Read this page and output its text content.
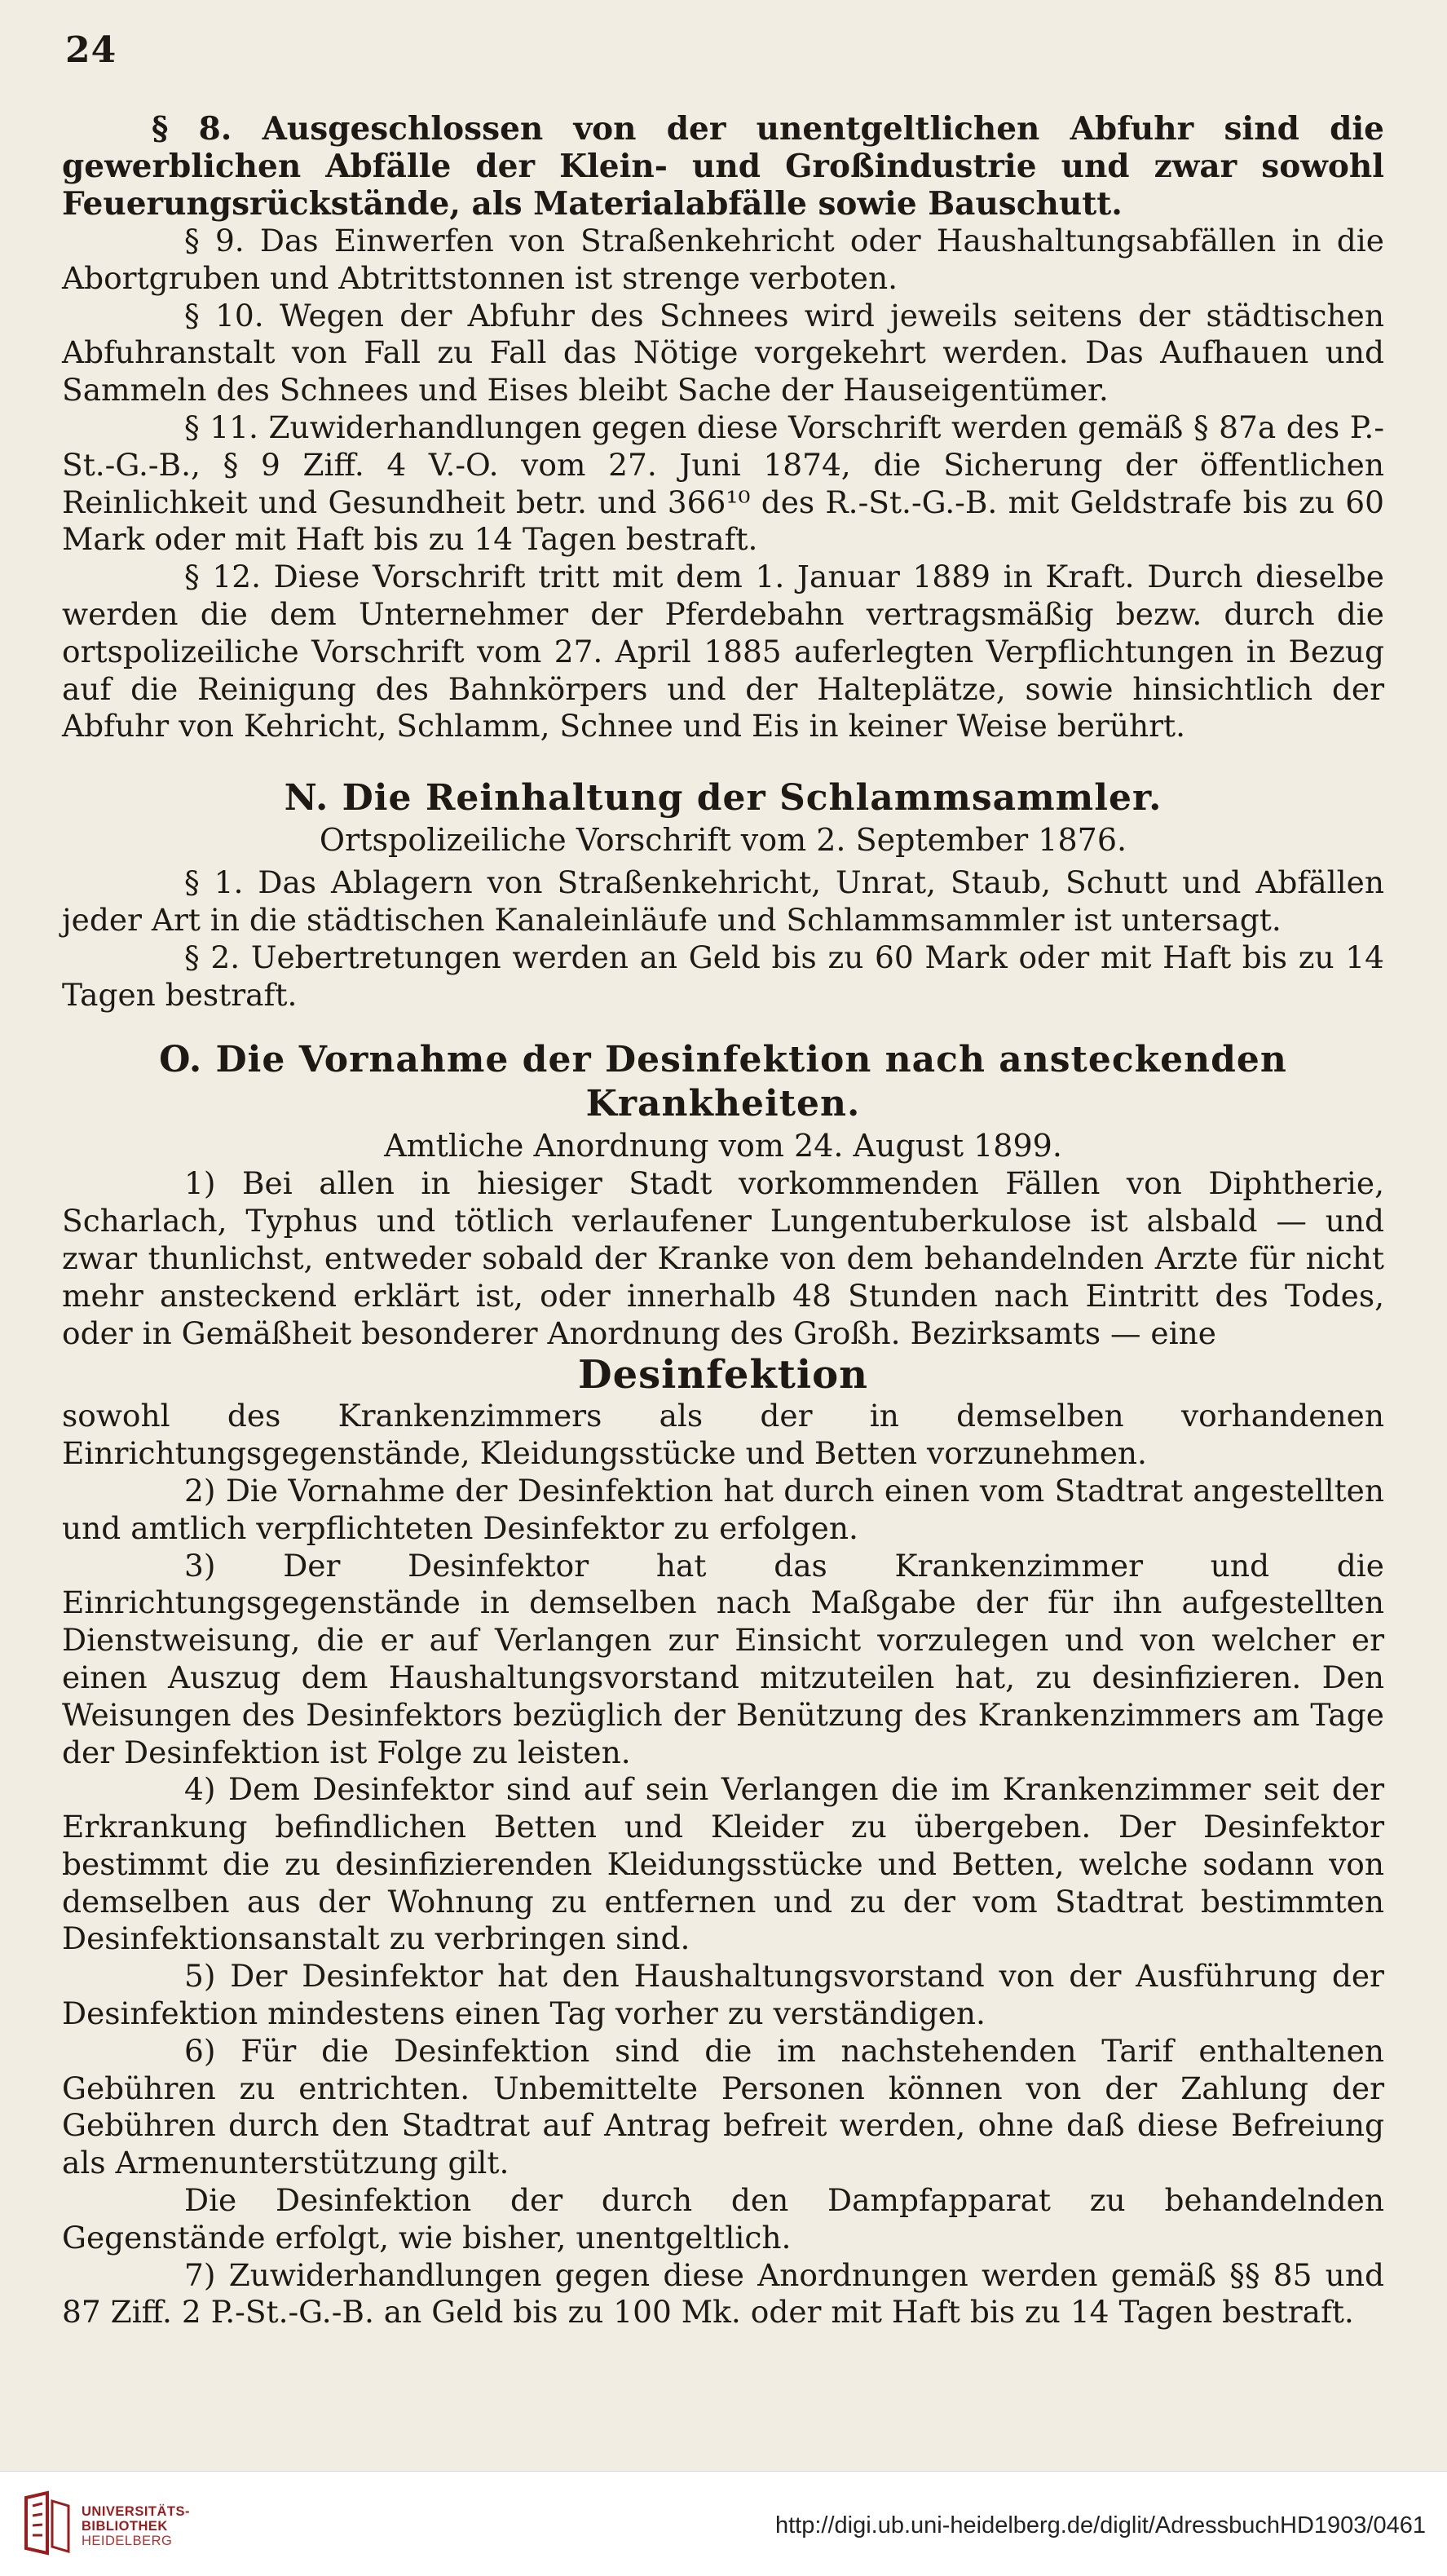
24

§ 8. Ausgeschlossen von der unentgeltlichen Abfuhr sind die gewerblichen Abfälle der Klein- und Großindustrie und zwar sowohl Feuerungsrückstände, als Materialabfälle sowie Bauschutt.

§ 9. Das Einwerfen von Straßenkehricht oder Haushaltungsabfällen in die Abortgruben und Abtrittstonnen ist strenge verboten.

§ 10. Wegen der Abfuhr des Schnees wird jeweils seitens der städtischen Abfuhranstalt von Fall zu Fall das Nötige vorgekehrt werden. Das Aufhauen und Sammeln des Schnees und Eises bleibt Sache der Hauseigentümer.

§ 11. Zuwiderhandlungen gegen diese Vorschrift werden gemäß § 87a des P.-St.-G.-B., § 9 Ziff. 4 V.-O. vom 27. Juni 1874, die Sicherung der öffentlichen Reinlichkeit und Gesundheit betr. und 366¹⁰ des R.-St.-G.-B. mit Geldstrafe bis zu 60 Mark oder mit Haft bis zu 14 Tagen bestraft.

§ 12. Diese Vorschrift tritt mit dem 1. Januar 1889 in Kraft. Durch dieselbe werden die dem Unternehmer der Pferdebahn vertragsmäßig bezw. durch die ortspolizeiliche Vorschrift vom 27. April 1885 auferlegten Verpflichtungen in Bezug auf die Reinigung des Bahnkörpers und der Halteplätze, sowie hinsichtlich der Abfuhr von Kehricht, Schlamm, Schnee und Eis in keiner Weise berührt.

N. Die Reinhaltung der Schlammsammler.

Ortspolizeiliche Vorschrift vom 2. September 1876.

§ 1. Das Ablagern von Straßenkehricht, Unrat, Staub, Schutt und Abfällen jeder Art in die städtischen Kanaleinläufe und Schlammsammler ist untersagt.

§ 2. Uebertretungen werden an Geld bis zu 60 Mark oder mit Haft bis zu 14 Tagen bestraft.

O. Die Vornahme der Desinfektion nach ansteckenden Krankheiten.

Amtliche Anordnung vom 24. August 1899.

1) Bei allen in hiesiger Stadt vorkommenden Fällen von Diphtherie, Scharlach, Typhus und tötlich verlaufener Lungentuberkulose ist alsbald — und zwar thunlichst, entweder sobald der Kranke von dem behandelnden Arzte für nicht mehr ansteckend erklärt ist, oder innerhalb 48 Stunden nach Eintritt des Todes, oder in Gemäßheit besonderer Anordnung des Großh. Bezirksamts — eine

Desinfektion

sowohl des Krankenzimmers als der in demselben vorhandenen Einrichtungsgegenstände, Kleidungsstücke und Betten vorzunehmen.

2) Die Vornahme der Desinfektion hat durch einen vom Stadtrat angestellten und amtlich verpflichteten Desinfektor zu erfolgen.

3) Der Desinfektor hat das Krankenzimmer und die Einrichtungsgegenstände in demselben nach Maßgabe der für ihn aufgestellten Dienstweisung, die er auf Verlangen zur Einsicht vorzulegen und von welcher er einen Auszug dem Haushaltungsvorstand mitzuteilen hat, zu desinfizieren. Den Weisungen des Desinfektors bezüglich der Benützung des Krankenzimmers am Tage der Desinfektion ist Folge zu leisten.

4) Dem Desinfektor sind auf sein Verlangen die im Krankenzimmer seit der Erkrankung befindlichen Betten und Kleider zu übergeben. Der Desinfektor bestimmt die zu desinfizierenden Kleidungsstücke und Betten, welche sodann von demselben aus der Wohnung zu entfernen und zu der vom Stadtrat bestimmten Desinfektionsanstalt zu verbringen sind.

5) Der Desinfektor hat den Haushaltungsvorstand von der Ausführung der Desinfektion mindestens einen Tag vorher zu verständigen.

6) Für die Desinfektion sind die im nachstehenden Tarif enthaltenen Gebühren zu entrichten. Unbemittelte Personen können von der Zahlung der Gebühren durch den Stadtrat auf Antrag befreit werden, ohne daß diese Befreiung als Armenunterstützung gilt.

Die Desinfektion der durch den Dampfapparat zu behandelnden Gegenstände erfolgt, wie bisher, unentgeltlich.

7) Zuwiderhandlungen gegen diese Anordnungen werden gemäß §§ 85 und 87 Ziff. 2 P.-St.-G.-B. an Geld bis zu 100 Mk. oder mit Haft bis zu 14 Tagen bestraft.

UNIVERSITÄTS-
BIBLIOTHEK
HEIDELBERG
http://digi.ub.uni-heidelberg.de/diglit/AdressbuchHD1903/0461
